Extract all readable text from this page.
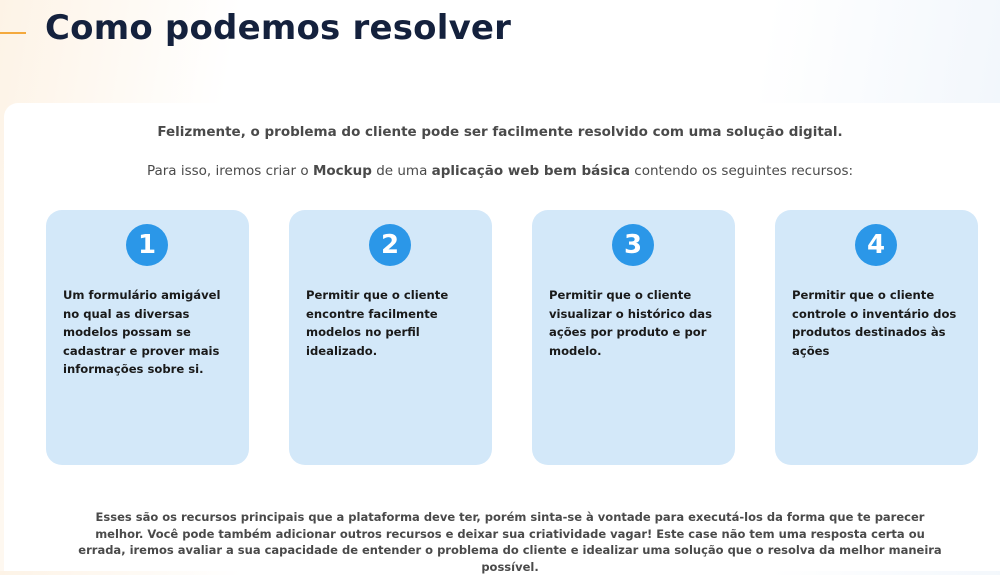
Como podemos resolver

Felizmente, o problema do cliente pode ser facilmente resolvido com uma solução digital.

Para isso, iremos criar o Mockup de uma aplicação web bem básica contendo os seguintes recursos:

1

Um formulário amigável no qual as diversas modelos possam se cadastrar e prover mais informações sobre si.

2

Permitir que o cliente encontre facilmente modelos no perfil idealizado.

3

Permitir que o cliente visualizar o histórico das ações por produto e por modelo.

4

Permitir que o cliente controle o inventário dos produtos destinados às ações

Esses são os recursos principais que a plataforma deve ter, porém sinta-se à vontade para executá-los da forma que te parecer melhor. Você pode também adicionar outros recursos e deixar sua criatividade vagar! Este case não tem uma resposta certa ou errada, iremos avaliar a sua capacidade de entender o problema do cliente e idealizar uma solução que o resolva da melhor maneira possível.
